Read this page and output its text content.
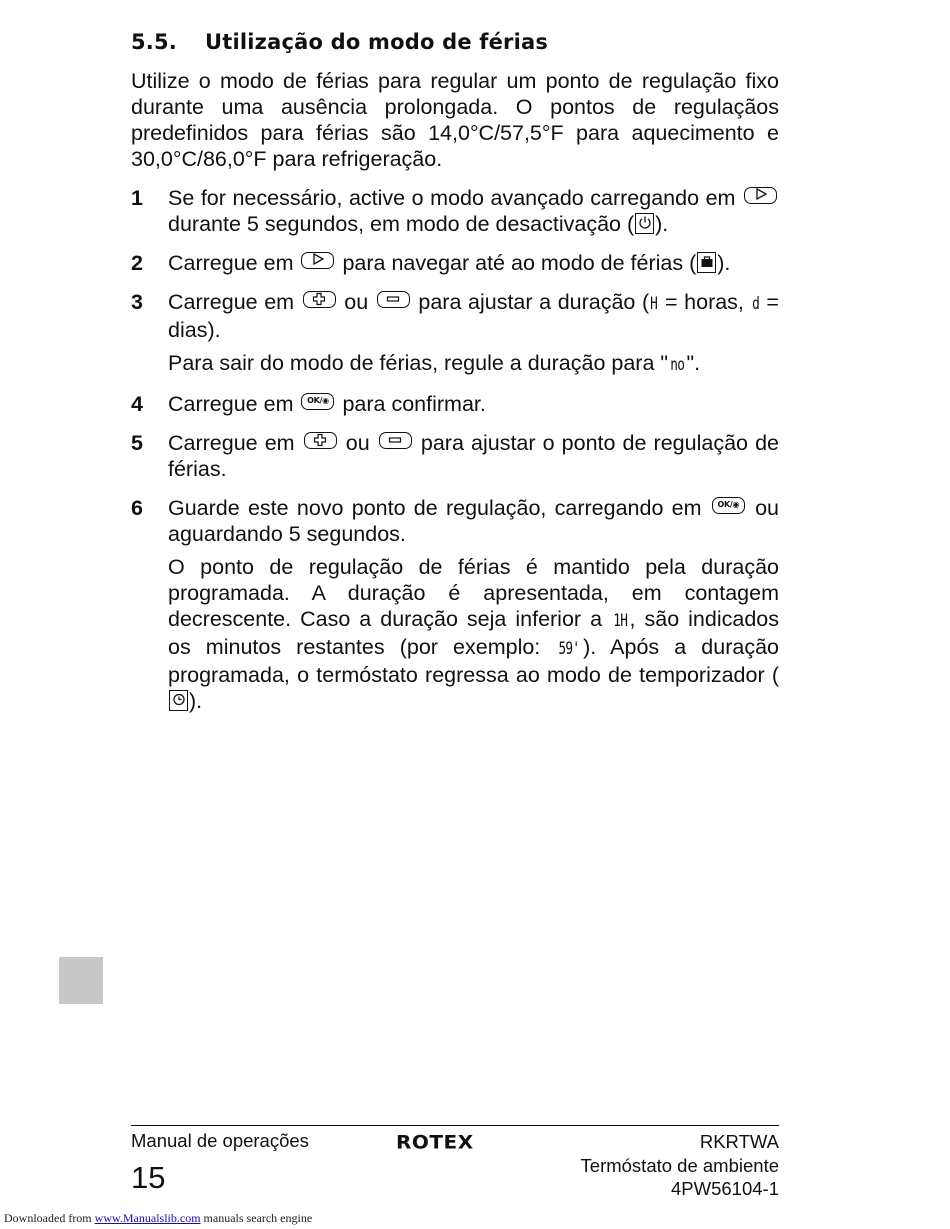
5.5. Utilização do modo de férias

Utilize o modo de férias para regular um ponto de regulação fixo durante uma ausência prolongada. O pontos de regulaçãos predefinidos para férias são 14,0°C/57,5°F para aquecimento e 30,0°C/86,0°F para refrigeração.

1 Se for necessário, active o modo avançado carregando em
durante 5 segundos, em modo de desactivação ( ).

2 Carregue em para navegar até ao modo de férias ( ).

3 Carregue em ou para ajustar a duração (H = horas, d = dias).

Para sair do modo de férias, regule a duração para " no ".

4 Carregue em OK/◉ para confirmar.

5 Carregue em ou para ajustar o ponto de regulação de férias.

6 Guarde este novo ponto de regulação, carregando em OK/◉ ou aguardando 5 segundos.

O ponto de regulação de férias é mantido pela duração programada. A duração é apresentada, em contagem decrescente. Caso a duração seja inferior a 1H , são indicados os minutos restantes (por exemplo: 59' ). Após a duração programada, o termóstato regressa ao modo de temporizador (
).

Manual de operações
15
ROTEX	RKRTWA
Termóstato de ambiente
4PW56104-1
Downloaded from www.Manualslib.com manuals search engine
